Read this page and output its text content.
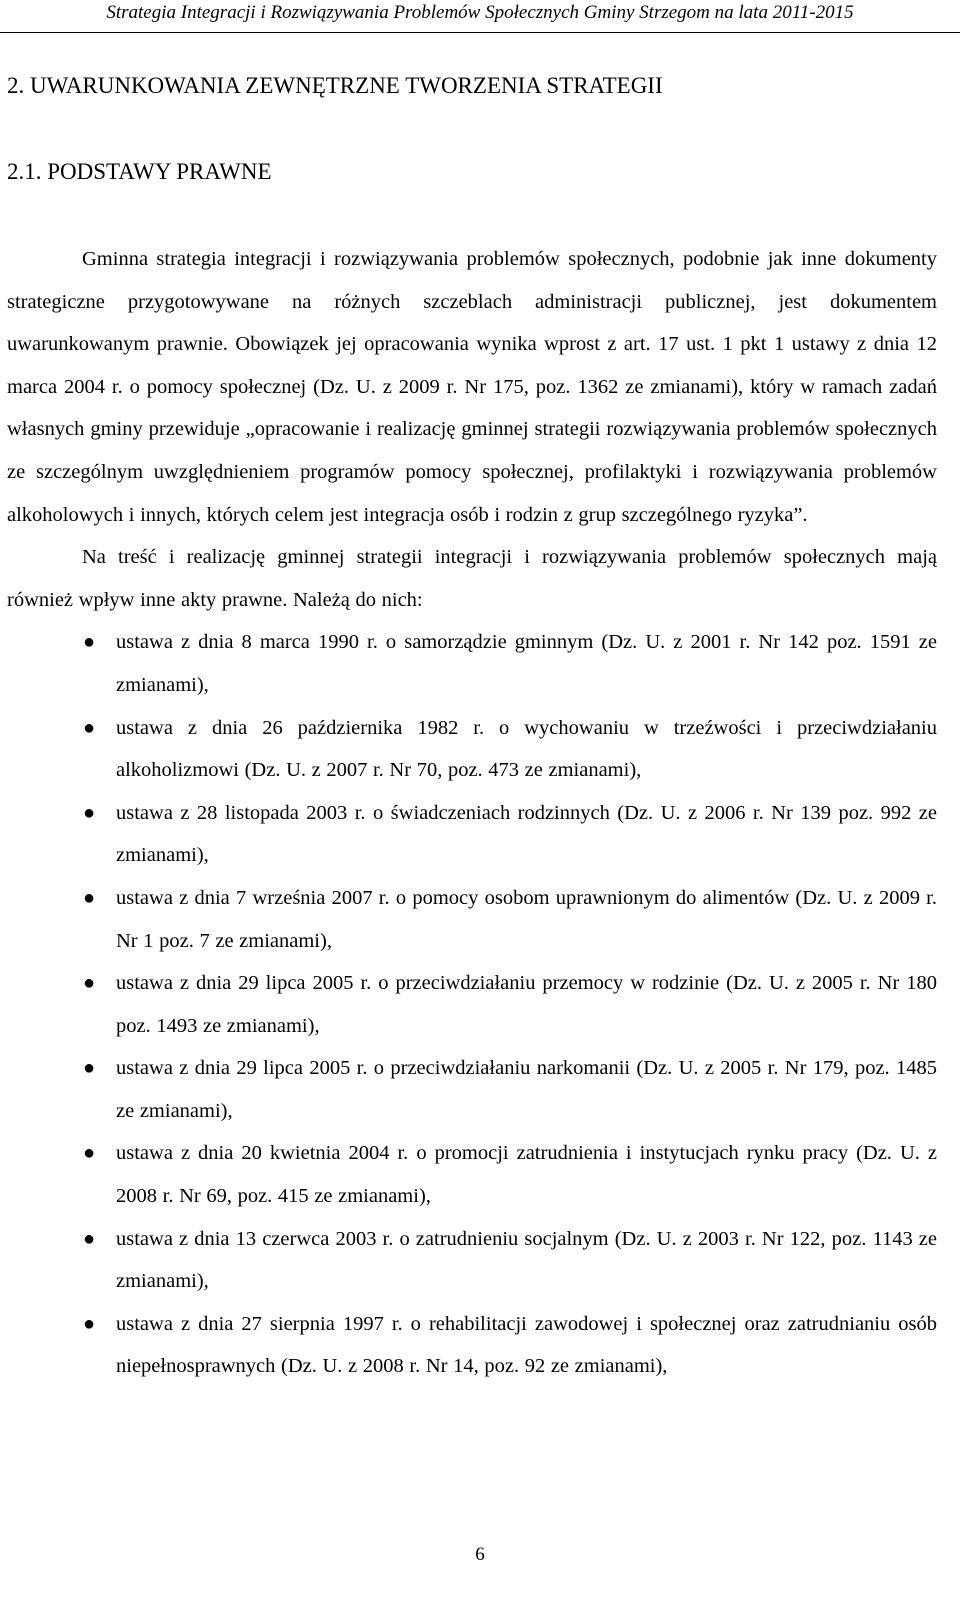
Strategia Integracji i Rozwiązywania Problemów Społecznych Gminy Strzegom na lata 2011-2015
2. UWARUNKOWANIA ZEWNĘTRZNE TWORZENIA STRATEGII
2.1. PODSTAWY PRAWNE

Gminna strategia integracji i rozwiązywania problemów społecznych, podobnie jak inne dokumenty strategiczne przygotowywane na różnych szczeblach administracji publicznej, jest dokumentem uwarunkowanym prawnie. Obowiązek jej opracowania wynika wprost z art. 17 ust. 1 pkt 1 ustawy z dnia 12 marca 2004 r. o pomocy społecznej (Dz. U. z 2009 r. Nr 175, poz. 1362 ze zmianami), który w ramach zadań własnych gminy przewiduje „opracowanie i realizację gminnej strategii rozwiązywania problemów społecznych ze szczególnym uwzględnieniem programów pomocy społecznej, profilaktyki i rozwiązywania problemów alkoholowych i innych, których celem jest integracja osób i rodzin z grup szczególnego ryzyka”.

Na treść i realizację gminnej strategii integracji i rozwiązywania problemów społecznych mają również wpływ inne akty prawne. Należą do nich:

● ustawa z dnia 8 marca 1990 r. o samorządzie gminnym (Dz. U. z 2001 r. Nr 142 poz. 1591 ze zmianami),
● ustawa z dnia 26 października 1982 r. o wychowaniu w trzeźwości i przeciwdziałaniu alkoholizmowi (Dz. U. z 2007 r. Nr 70, poz. 473 ze zmianami),
● ustawa z 28 listopada 2003 r. o świadczeniach rodzinnych (Dz. U. z 2006 r. Nr 139 poz. 992 ze zmianami),
● ustawa z dnia 7 września 2007 r. o pomocy osobom uprawnionym do alimentów (Dz. U. z 2009 r. Nr 1 poz. 7 ze zmianami),
● ustawa z dnia 29 lipca 2005 r. o przeciwdziałaniu przemocy w rodzinie (Dz. U. z 2005 r. Nr 180 poz. 1493 ze zmianami),
● ustawa z dnia 29 lipca 2005 r. o przeciwdziałaniu narkomanii (Dz. U. z 2005 r. Nr 179, poz. 1485 ze zmianami),
● ustawa z dnia 20 kwietnia 2004 r. o promocji zatrudnienia i instytucjach rynku pracy (Dz. U. z 2008 r. Nr 69, poz. 415 ze zmianami),
● ustawa z dnia 13 czerwca 2003 r. o zatrudnieniu socjalnym (Dz. U. z 2003 r. Nr 122, poz. 1143 ze zmianami),
● ustawa z dnia 27 sierpnia 1997 r. o rehabilitacji zawodowej i społecznej oraz zatrudnianiu osób niepełnosprawnych (Dz. U. z 2008 r. Nr 14, poz. 92 ze zmianami),
6
